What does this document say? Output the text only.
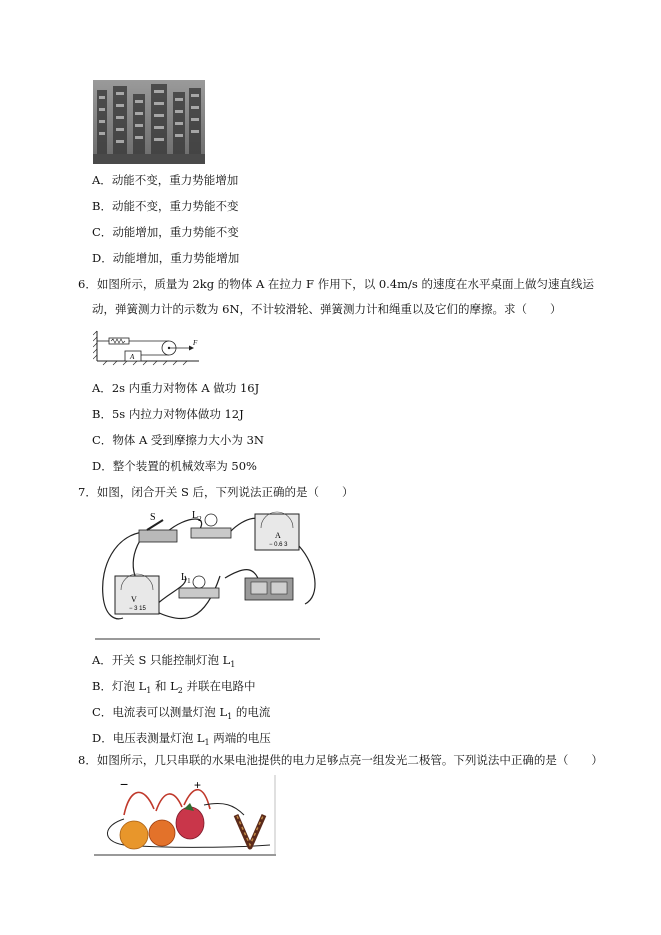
A．动能不变，重力势能增加
B．动能不变，重力势能不变
C．动能增加，重力势能不变
D．动能增加，重力势能增加
6．如图所示，质量为 2kg 的物体 A 在拉力 F 作用下，以 0.4m/s 的速度在水平桌面上做匀速直线运
动，弹簧测力计的示数为 6N，不计较滑轮、弹簧测力计和绳重以及它们的摩擦。求（　　）
A
F
A．2s 内重力对物体 A 做功 16J
B．5s 内拉力对物体做功 12J
C．物体 A 受到摩擦力大小为 3N
D．整个装置的机械效率为 50%
7．如图，闭合开关 S 后，下列说法正确的是（　　）
S	$L_2$
− 0.6 3
A
$L_1$
V
− 3 15
A．开关 S 只能控制灯泡 $L_1$
B．灯泡 $L_1$ 和 $L_2$ 并联在电路中
C．电流表可以测量灯泡 $L_1$ 的电流
D．电压表测量灯泡 $L_1$ 两端的电压
8．如图所示，几只串联的水果电池提供的电力足够点亮一组发光二极管。下列说法中正确的是（　　）
−	+
